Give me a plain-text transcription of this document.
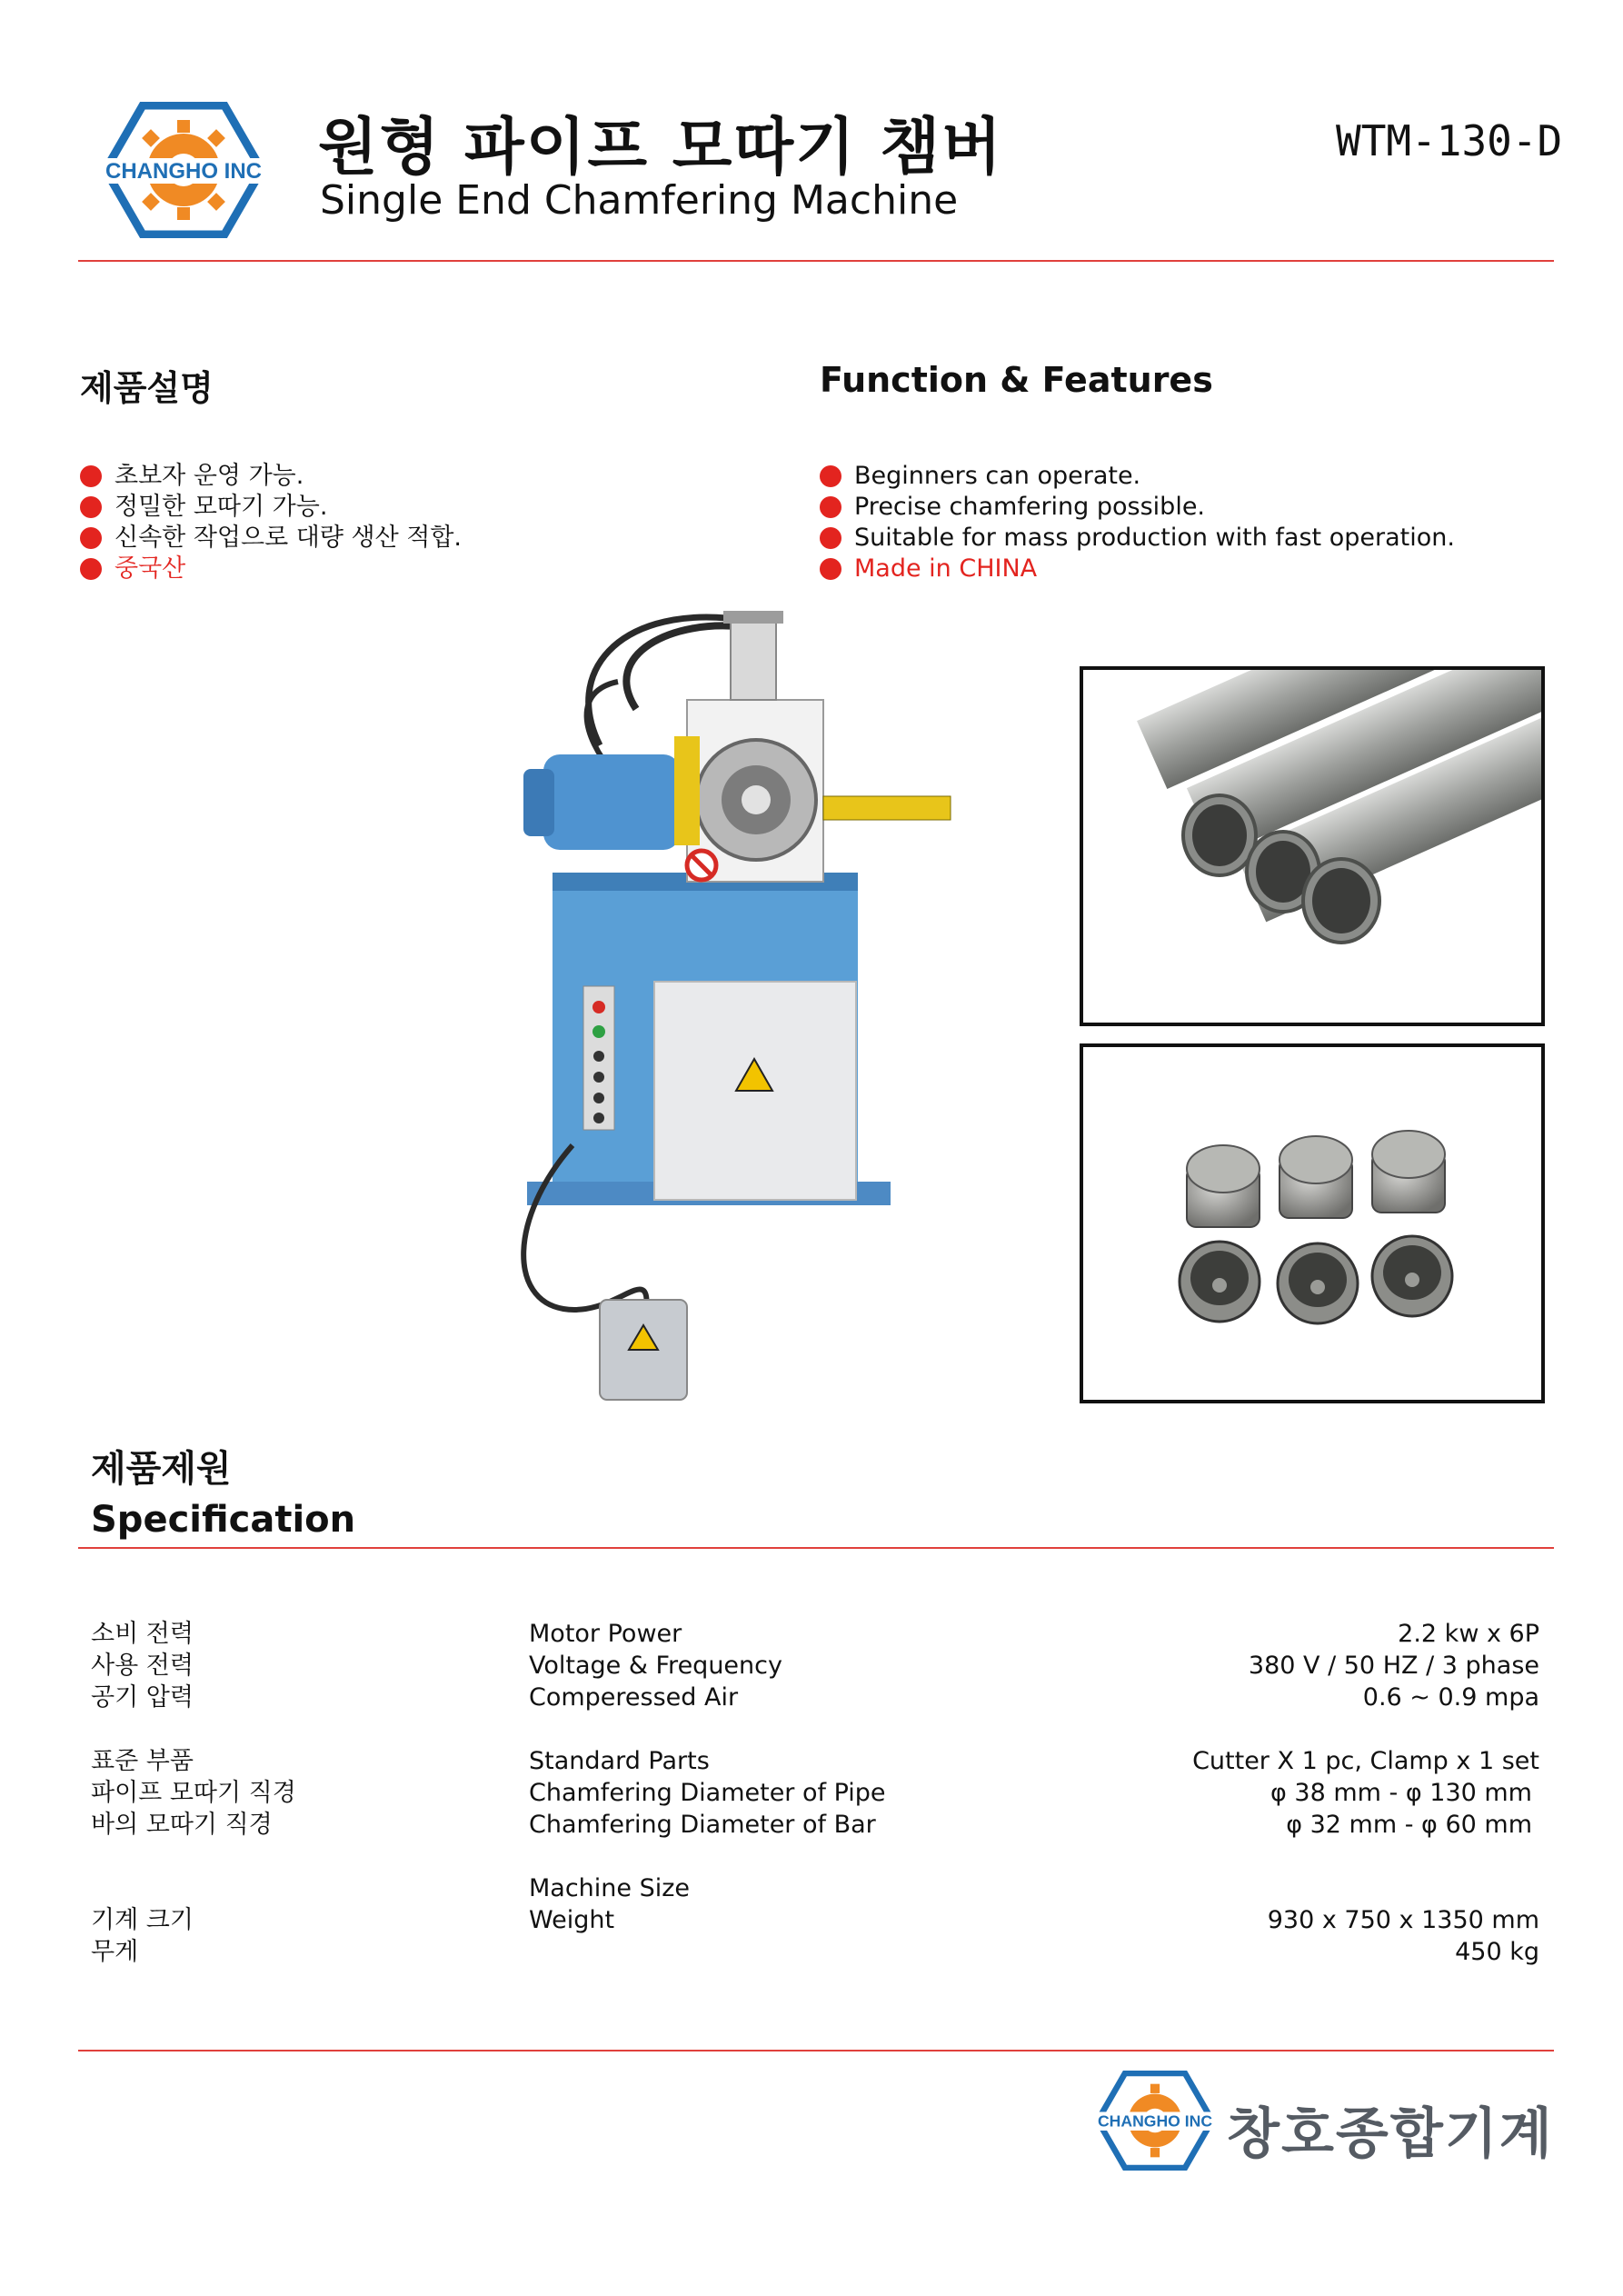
CHANGHO INC 원형 파이프 모따기 챔버
Single End Chamfering Machine
WTM-130-D
제품설명	Function & Features
초보자 운영 가능.
정밀한 모따기 가능.
신속한 작업으로 대량 생산 적합.
중국산
Beginners can operate.
Precise chamfering possible.
Suitable for mass production with fast operation.
Made in CHINA
제품제원
Specification
소비 전력
사용 전력
공기 압력
표준 부품
파이프 모따기 직경
바의 모따기 직경
기계 크기
무게
Motor Power
Voltage & Frequency
Comperessed Air
Standard Parts
Chamfering Diameter of Pipe
Chamfering Diameter of Bar
Machine Size
Weight
2.2 kw x 6P
380 V / 50 HZ / 3 phase
0.6 ~ 0.9 mpa
Cutter X 1 pc, Clamp x 1 set
φ 38 mm - φ 130 mm
φ 32 mm - φ 60 mm
930 x 750 x 1350 mm
450 kg
CHANGHO INC 창호종합기계
